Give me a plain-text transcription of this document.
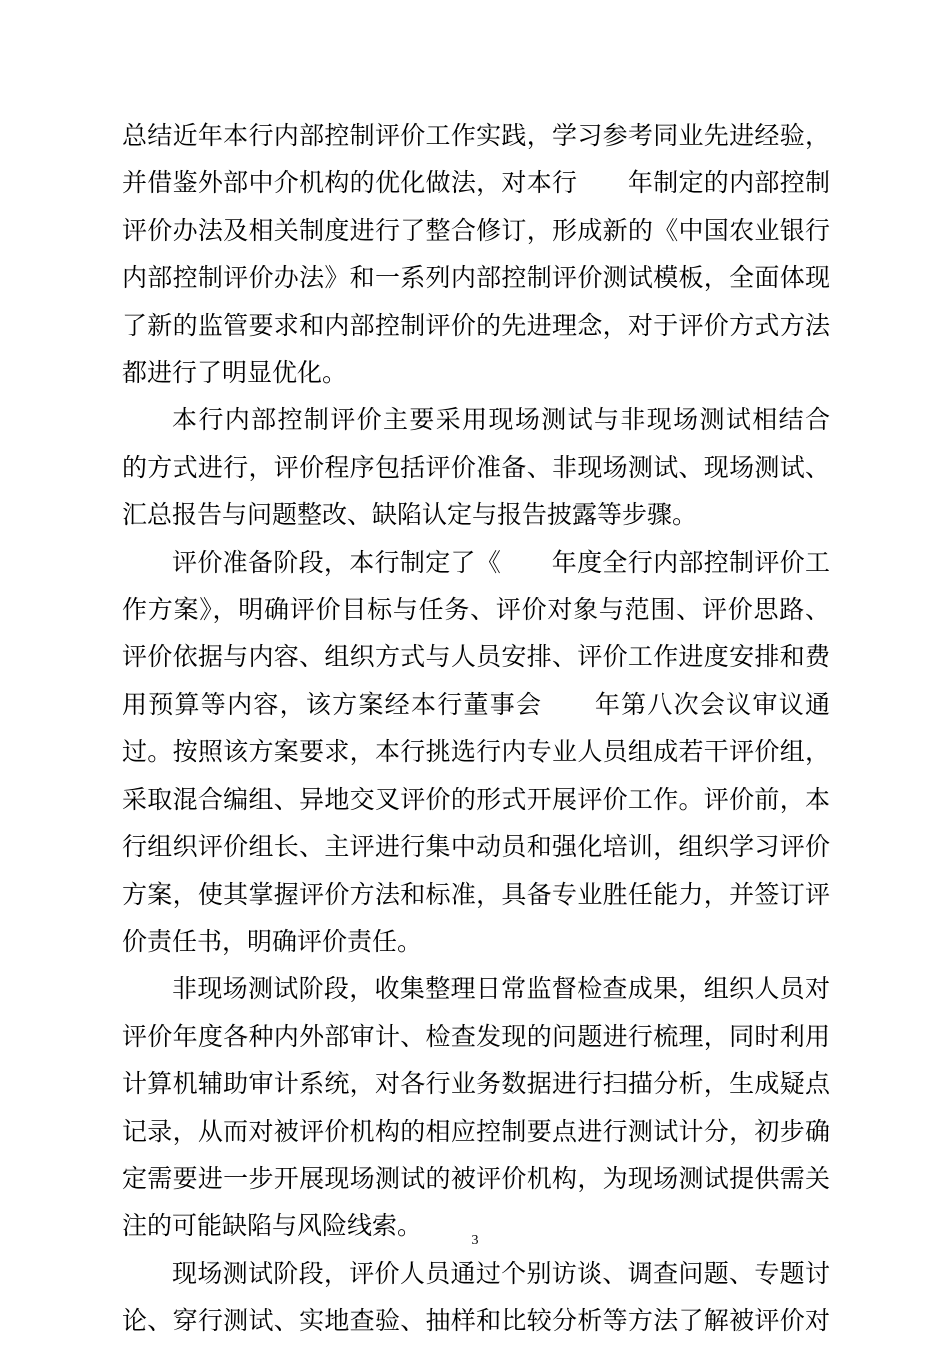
总结近年本行内部控制评价工作实践，学习参考同业先进经验，
并借鉴外部中介机构的优化做法，对本行　　年制定的内部控制
评价办法及相关制度进行了整合修订，形成新的《中国农业银行
内部控制评价办法》和一系列内部控制评价测试模板，全面体现
了新的监管要求和内部控制评价的先进理念，对于评价方式方法
都进行了明显优化。

本行内部控制评价主要采用现场测试与非现场测试相结合
的方式进行，评价程序包括评价准备、非现场测试、现场测试、
汇总报告与问题整改、缺陷认定与报告披露等步骤。

评价准备阶段，本行制定了《　　年度全行内部控制评价工
作方案》，明确评价目标与任务、评价对象与范围、评价思路、
评价依据与内容、组织方式与人员安排、评价工作进度安排和费
用预算等内容，该方案经本行董事会　　年第八次会议审议通
过。按照该方案要求，本行挑选行内专业人员组成若干评价组，
采取混合编组、异地交叉评价的形式开展评价工作。评价前，本
行组织评价组长、主评进行集中动员和强化培训，组织学习评价
方案，使其掌握评价方法和标准，具备专业胜任能力，并签订评
价责任书，明确评价责任。

非现场测试阶段，收集整理日常监督检查成果，组织人员对
评价年度各种内外部审计、检查发现的问题进行梳理，同时利用
计算机辅助审计系统，对各行业务数据进行扫描分析，生成疑点
记录，从而对被评价机构的相应控制要点进行测试计分，初步确
定需要进一步开展现场测试的被评价机构，为现场测试提供需关
注的可能缺陷与风险线索。

现场测试阶段，评价人员通过个别访谈、调查问题、专题讨
论、穿行测试、实地查验、抽样和比较分析等方法了解被评价对

3
